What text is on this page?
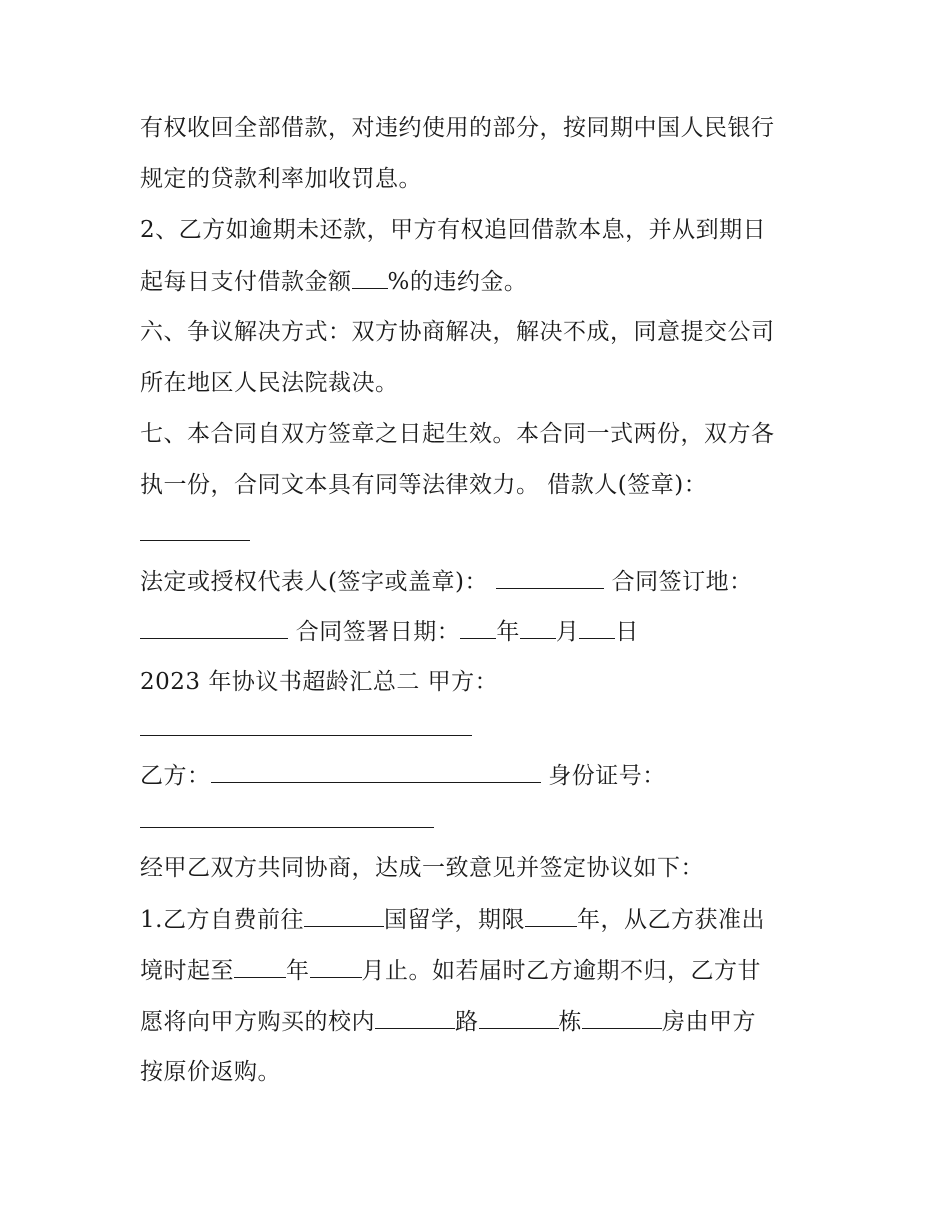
有权收回全部借款，对违约使用的部分，按同期中国人民银行
规定的贷款利率加收罚息。
2、乙方如逾期未还款，甲方有权追回借款本息，并从到期日
起每日支付借款金额 %的违约金。
六、争议解决方式：双方协商解决，解决不成，同意提交公司
所在地区人民法院裁决。
七、本合同自双方签章之日起生效。本合同一式两份，双方各
执一份，合同文本具有同等法律效力。 借款人(签章)：
法定或授权代表人(签字或盖章)：	合同签订地：
合同签署日期： 年 月 日
2023 年协议书超龄汇总二 甲方：
乙方：	身份证号：
经甲乙双方共同协商，达成一致意见并签定协议如下：
1.乙方自费前往	国留学，期限 年，从乙方获准出
境时起至 年 月止。如若届时乙方逾期不归，乙方甘
愿将向甲方购买的校内	路	栋	房由甲方
按原价返购。
